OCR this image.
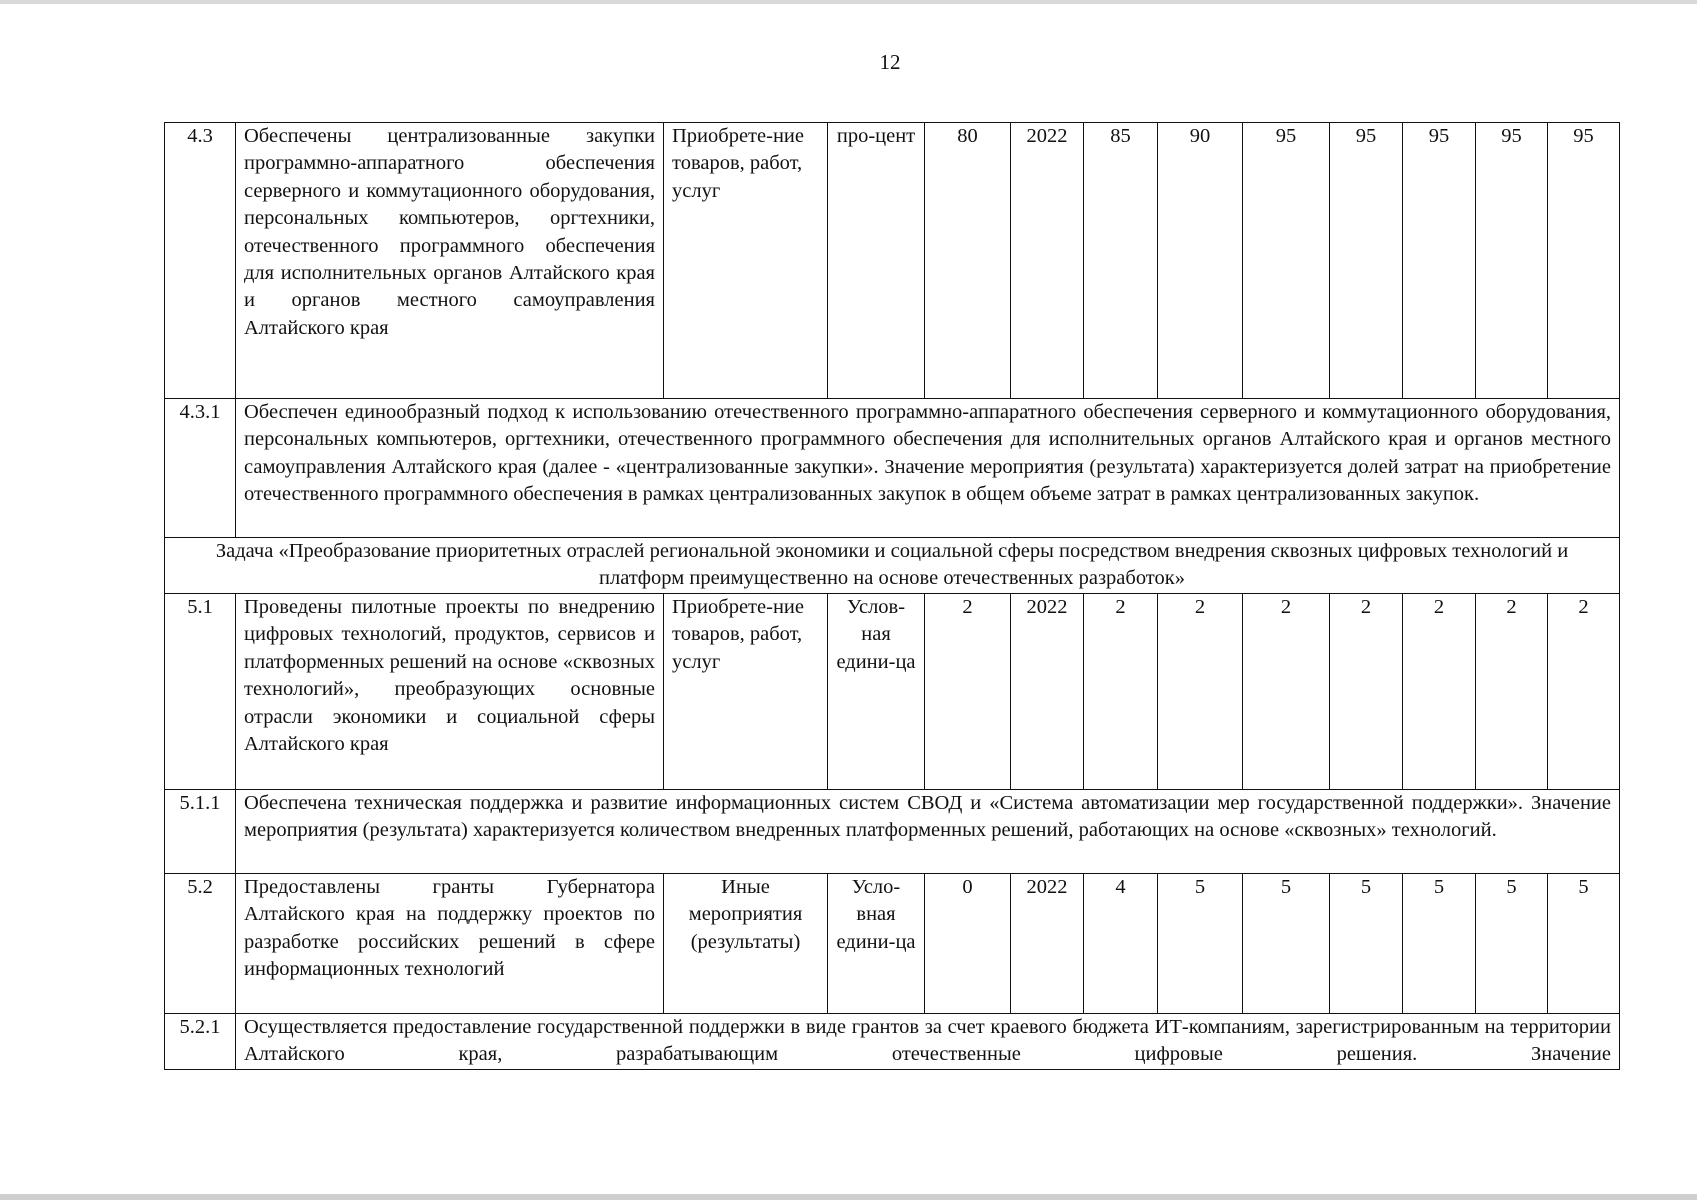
12
4.3	Обеспечены централизованные закупки программно-аппаратного обеспечения серверного и коммутационного оборудования, персональных компьютеров, оргтехники, отечественного программного обеспечения для исполнительных органов Алтайского края и органов местного самоуправления Алтайского края	Приобрете-ние товаров, работ, услуг	про-цент	80	2022	85	90	95	95	95	95	95
4.3.1	Обеспечен единообразный подход к использованию отечественного программно-аппаратного обеспечения серверного и коммутационного оборудования, персональных компьютеров, оргтехники, отечественного программного обеспечения для исполнительных органов Алтайского края и органов местного самоуправления Алтайского края (далее - «централизованные закупки». Значение мероприятия (результата) характеризуется долей затрат на приобретение отечественного программного обеспечения в рамках централизованных закупок в общем объеме затрат в рамках централизованных закупок.											
Задача «Преобразование приоритетных отраслей региональной экономики и социальной сферы посредством внедрения сквозных цифровых технологий и платформ преимущественно на основе отечественных разработок»												
5.1	Проведены пилотные проекты по внедрению цифровых технологий, продуктов, сервисов и платформенных решений на основе «сквозных технологий», преобразующих основные отрасли экономики и социальной сферы Алтайского края	Приобрете-ние товаров, работ, услуг	Услов-ная едини-ца	2	2022	2	2	2	2	2	2	2
5.1.1	Обеспечена техническая поддержка и развитие информационных систем СВОД и «Система автоматизации мер государственной поддержки». Значение мероприятия (результата) характеризуется количеством внедренных платформенных решений, работающих на основе «сквозных» технологий.											
5.2	Предоставлены гранты Губернатора Алтайского края на поддержку проектов по разработке российских решений в сфере информационных технологий	Иные мероприятия (результаты)	Усло-вная едини-ца	0	2022	4	5	5	5	5	5	5
5.2.1	Осуществляется предоставление государственной поддержки в виде грантов за счет краевого бюджета ИТ-компаниям, зарегистрированным на территории Алтайского края, разрабатывающим отечественные цифровые решения. Значение											
